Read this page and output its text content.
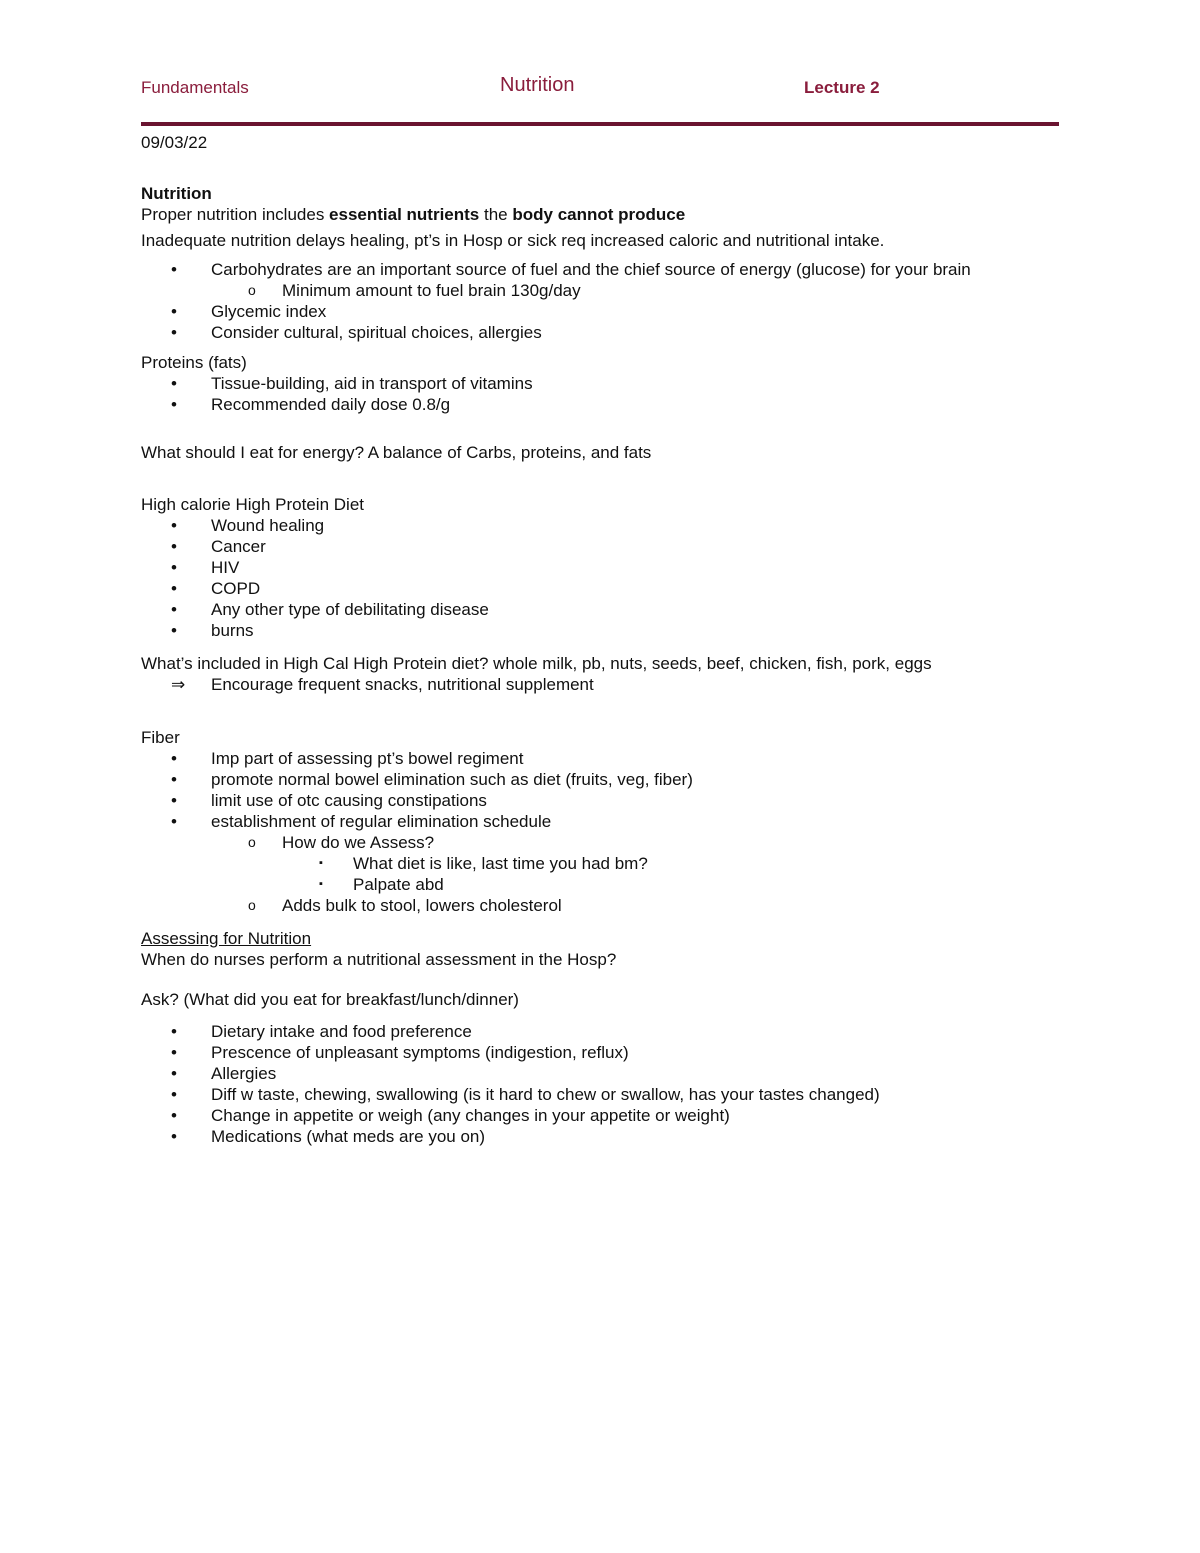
Fundamentals	Nutrition	Lecture 2
09/03/22
Nutrition
Proper nutrition includes essential nutrients the body cannot produce
Inadequate nutrition delays healing, pt’s in Hosp or sick req increased caloric and nutritional intake.
• Carbohydrates are an important source of fuel and the chief source of energy (glucose) for your brain
o Minimum amount to fuel brain 130g/day
• Glycemic index
• Consider cultural, spiritual choices, allergies
Proteins (fats)
• Tissue-building, aid in transport of vitamins
• Recommended daily dose 0.8/g
What should I eat for energy? A balance of Carbs, proteins, and fats
High calorie High Protein Diet
• Wound healing
• Cancer
• HIV
• COPD
• Any other type of debilitating disease
• burns
What’s included in High Cal High Protein diet? whole milk, pb, nuts, seeds, beef, chicken, fish, pork, eggs
⇒ Encourage frequent snacks, nutritional supplement
Fiber
• Imp part of assessing pt’s bowel regiment
• promote normal bowel elimination such as diet (fruits, veg, fiber)
• limit use of otc causing constipations
• establishment of regular elimination schedule
o How do we Assess?
▪ What diet is like, last time you had bm?
▪ Palpate abd
o Adds bulk to stool, lowers cholesterol
Assessing for Nutrition
When do nurses perform a nutritional assessment in the Hosp?
Ask? (What did you eat for breakfast/lunch/dinner)
• Dietary intake and food preference
• Prescence of unpleasant symptoms (indigestion, reflux)
• Allergies
• Diff w taste, chewing, swallowing (is it hard to chew or swallow, has your tastes changed)
• Change in appetite or weigh (any changes in your appetite or weight)
• Medications (what meds are you on)
